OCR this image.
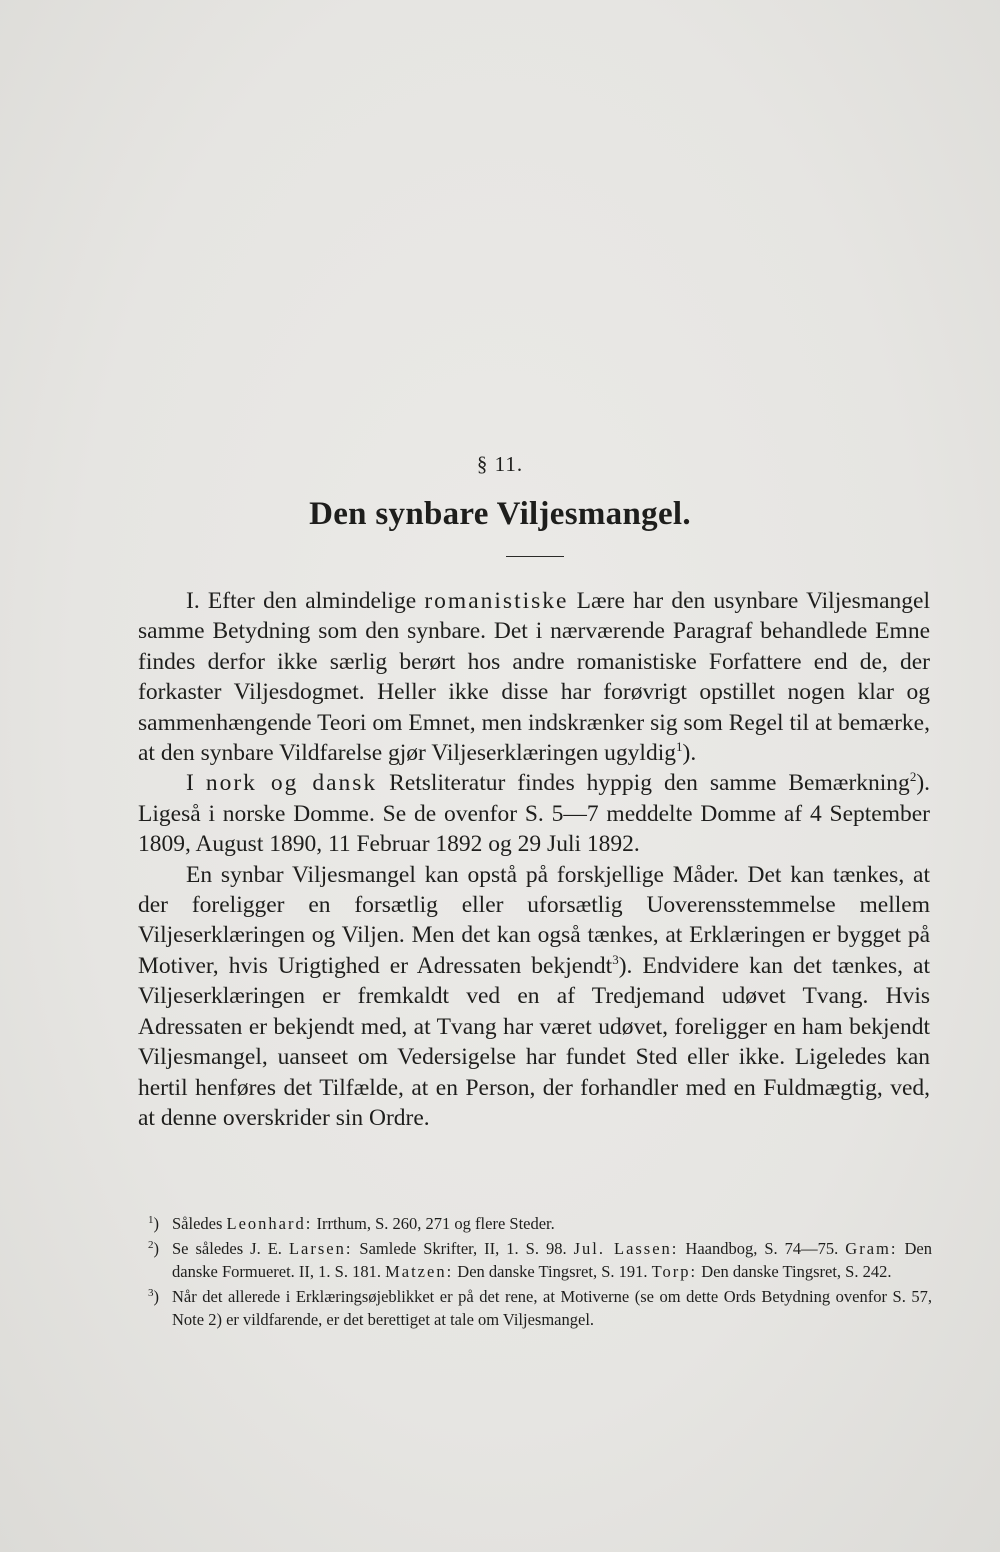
§ 11.
Den synbare Viljesmangel.

I. Efter den almindelige romanistiske Lære har den usynbare Viljesmangel samme Betydning som den synbare. Det i nærværende Paragraf behandlede Emne findes derfor ikke særlig berørt hos andre romanistiske Forfattere end de, der forkaster Viljesdogmet. Heller ikke disse har forøvrigt opstillet nogen klar og sammenhængende Teori om Emnet, men indskrænker sig som Regel til at bemærke, at den synbare Vildfarelse gjør Viljeserklæringen ugyldig$^1$).

I nork og dansk Retsliteratur findes hyppig den samme Bemærkning$^2$). Ligeså i norske Domme. Se de ovenfor S. 5—7 meddelte Domme af 4 September 1809, August 1890, 11 Februar 1892 og 29 Juli 1892.

En synbar Viljesmangel kan opstå på forskjellige Måder. Det kan tænkes, at der foreligger en forsætlig eller uforsætlig Uoverensstemmelse mellem Viljeserklæringen og Viljen. Men det kan også tænkes, at Erklæringen er bygget på Motiver, hvis Urigtighed er Adressaten bekjendt$^3$). Endvidere kan det tænkes, at Viljeserklæringen er fremkaldt ved en af Tredjemand udøvet Tvang. Hvis Adressaten er bekjendt med, at Tvang har været udøvet, foreligger en ham bekjendt Viljesmangel, uanseet om Vedersigelse har fundet Sted eller ikke. Ligeledes kan hertil henføres det Tilfælde, at en Person, der forhandler med en Fuldmægtig, ved, at denne overskrider sin Ordre.

$^1$) Således Leonhard: Irrthum, S. 260, 271 og flere Steder.

$^2$) Se således J. E. Larsen: Samlede Skrifter, II, 1. S. 98. Jul. Lassen: Haandbog, S. 74—75. Gram: Den danske Formueret. II, 1. S. 181. Matzen: Den danske Tingsret, S. 191. Torp: Den danske Tingsret, S. 242.

$^3$) Når det allerede i Erklæringsøjeblikket er på det rene, at Motiverne (se om dette Ords Betydning ovenfor S. 57, Note 2) er vildfarende, er det berettiget at tale om Viljesmangel.
